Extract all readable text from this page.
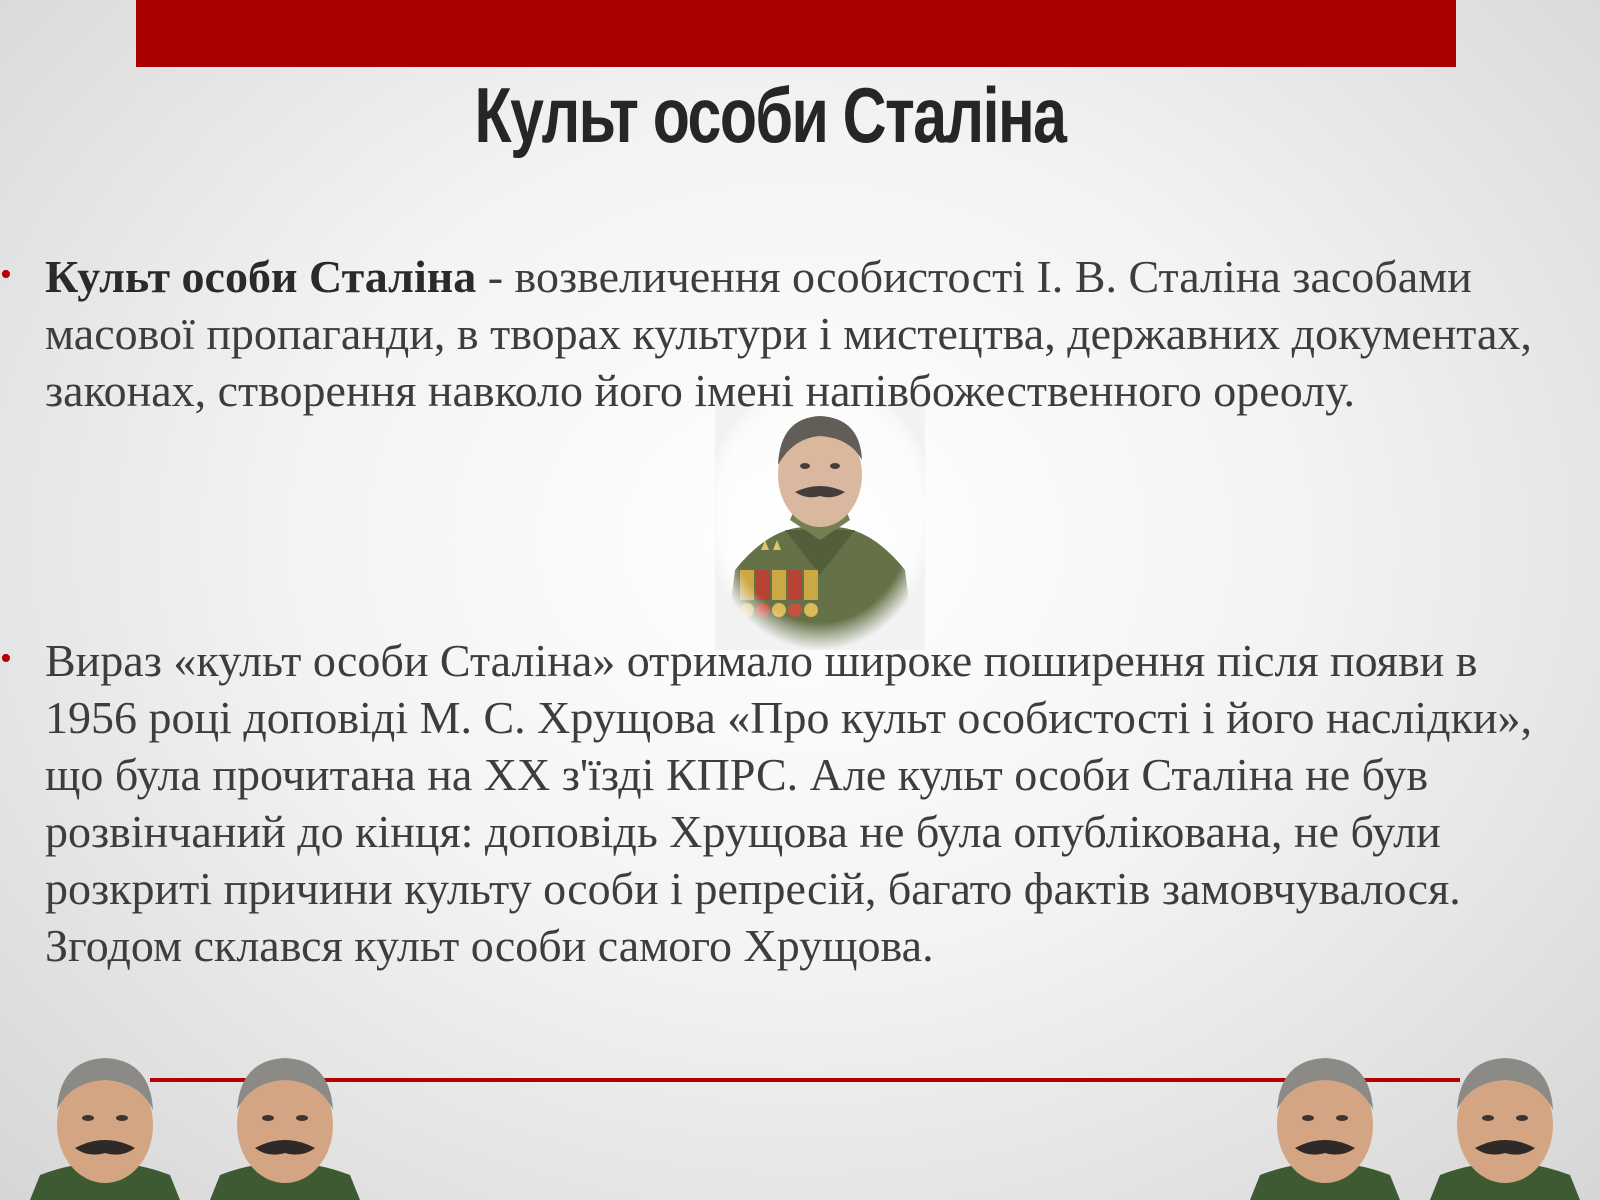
Культ особи Сталіна
• Культ особи Сталіна - возвеличення особистості І. В. Сталіна засобами масової пропаганди, в творах культури і мистецтва, державних документах, законах, створення навколо його імені напівбожественного ореолу.
• Вираз «культ особи Сталіна» отримало широке поширення після появи в 1956 році доповіді М. С. Хрущова «Про культ особистості і його наслідки», що була прочитана на XX з'їзді КПРС. Але культ особи Сталіна не був розвінчаний до кінця: доповідь Хрущова не була опублікована, не були розкриті причини культу особи і репресій, багато фактів замовчувалося. Згодом склався культ особи самого Хрущова.
